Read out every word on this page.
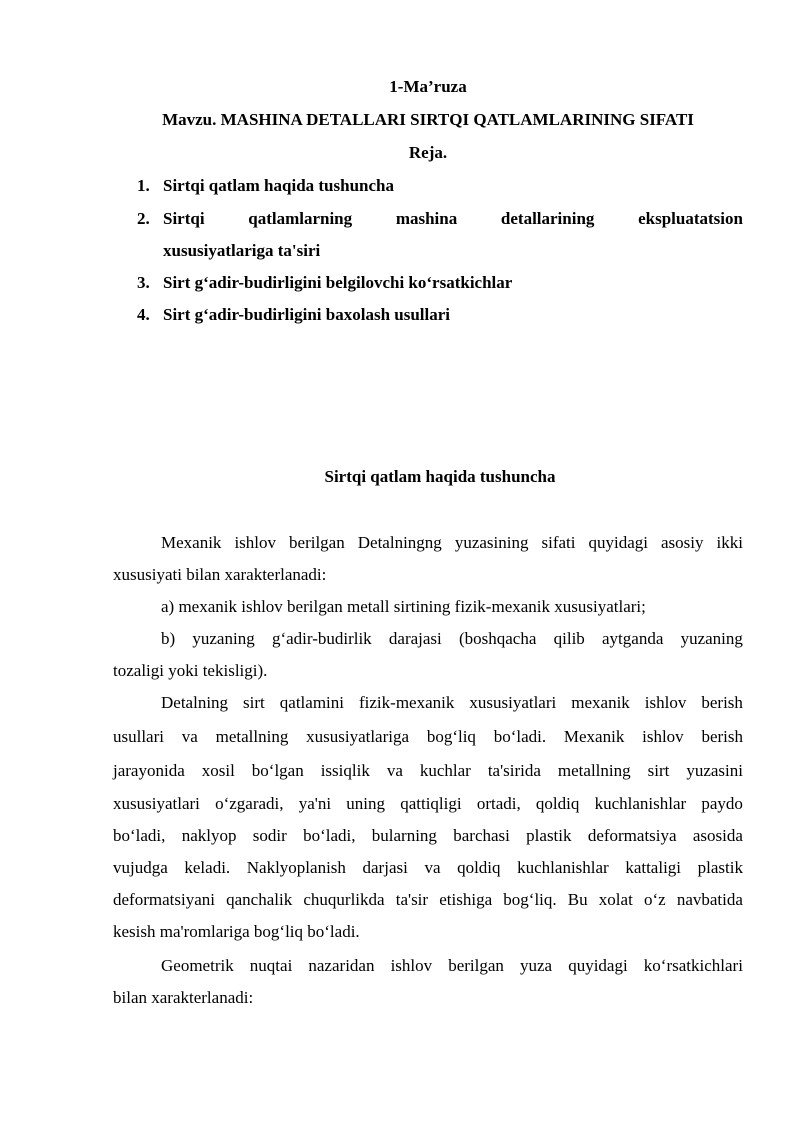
1-Ma’ruza
Mavzu. MASHINA DETALLARI SIRTQI QATLAMLARINING SIFATI
Reja.
1. Sirtqi qatlam haqida tushuncha
2. Sirtqi	qatlamlarning	mashina	detallarining	ekspluatatsion
xususiyatlariga ta'siri
3. Sirt g‘adir-budirligini belgilovchi ko‘rsatkichlar
4. Sirt g‘adir-budirligini baxolash usullari
Sirtqi qatlam haqida tushuncha
Mexanik ishlov berilgan Detalningng yuzasining sifati quyidagi asosiy ikki
xususiyati bilan xarakterlanadi:
a) mexanik ishlov berilgan metall sirtining fizik-mexanik xususiyatlari;
b) yuzaning g‘adir-budirlik darajasi (boshqacha qilib aytganda yuzaning
tozaligi yoki tekisligi).
Detalning sirt qatlamini fizik-mexanik xususiyatlari mexanik ishlov berish
usullari va metallning xususiyatlariga bog‘liq bo‘ladi. Mexanik ishlov berish
jarayonida xosil bo‘lgan issiqlik va kuchlar ta'sirida metallning sirt yuzasini
xususiyatlari o‘zgaradi, ya'ni uning qattiqligi ortadi, qoldiq kuchlanishlar paydo
bo‘ladi, naklyop sodir bo‘ladi, bularning barchasi plastik deformatsiya asosida
vujudga keladi. Naklyoplanish darjasi va qoldiq kuchlanishlar kattaligi plastik
deformatsiyani qanchalik chuqurlikda ta'sir etishiga bog‘liq. Bu xolat o‘z navbatida
kesish ma'romlariga bog‘liq bo‘ladi.
Geometrik nuqtai nazaridan ishlov berilgan yuza quyidagi ko‘rsatkichlari
bilan xarakterlanadi:
